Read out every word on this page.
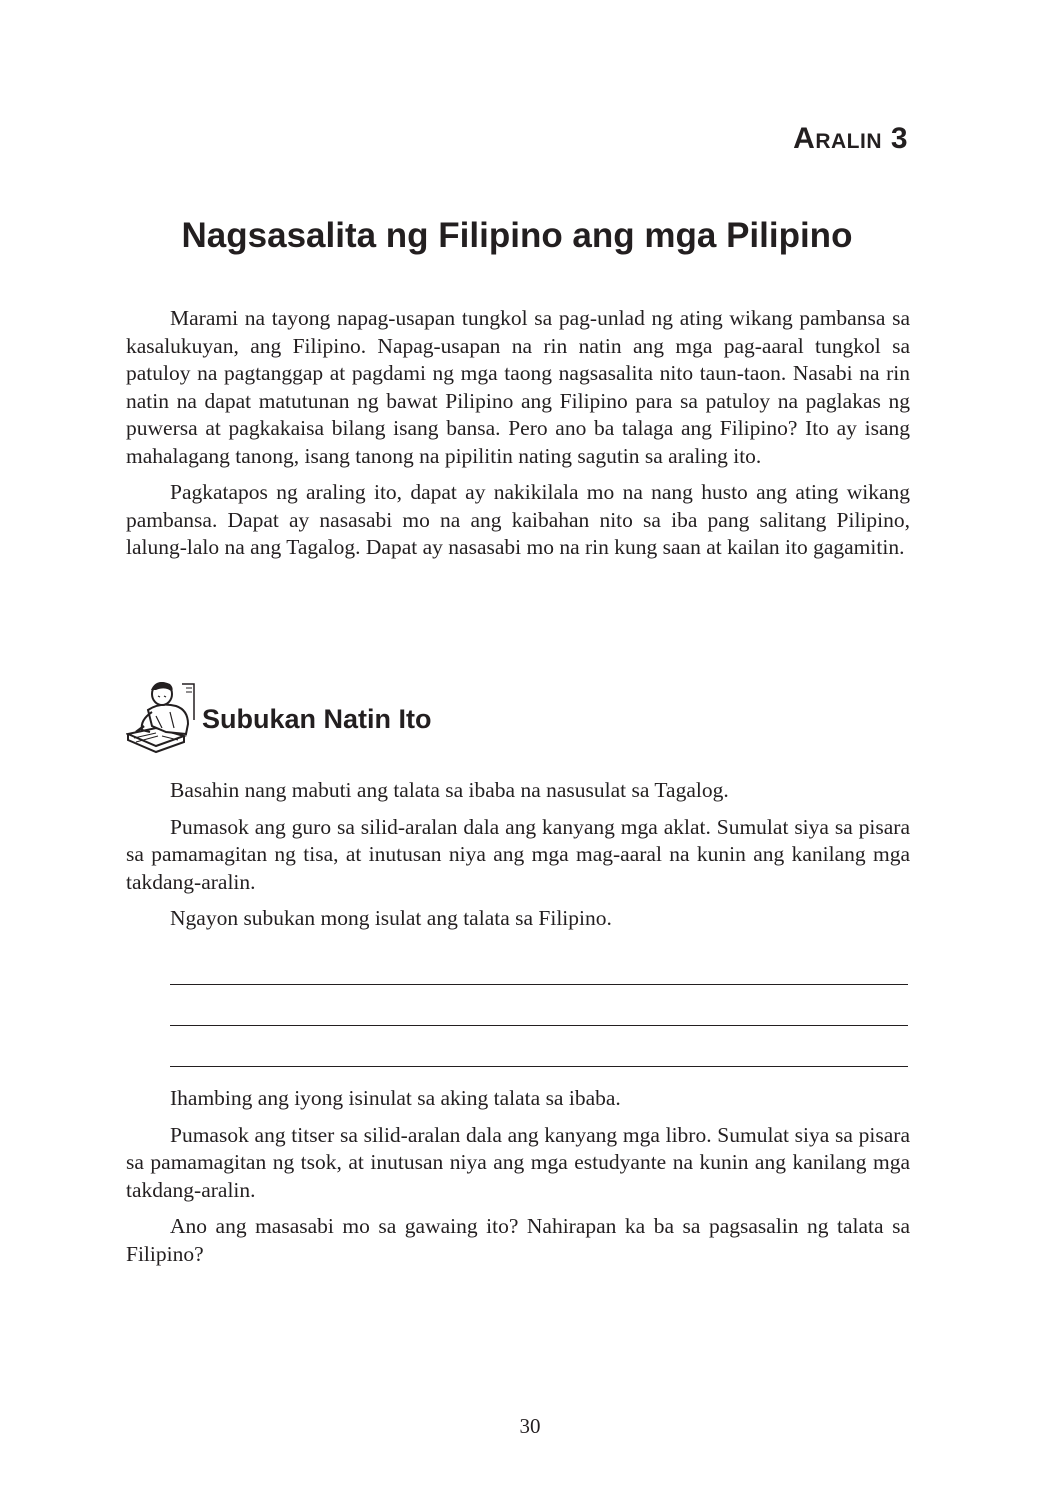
Aralin 3
Nagsasalita ng Filipino ang mga Pilipino

Marami na tayong napag-usapan tungkol sa pag-unlad ng ating wikang pambansa sa kasalukuyan, ang Filipino. Napag-usapan na rin natin ang mga pag-aaral tungkol sa patuloy na pagtanggap at pagdami ng mga taong nagsasalita nito taun-taon. Nasabi na rin natin na dapat matutunan ng bawat Pilipino ang Filipino para sa patuloy na paglakas ng puwersa at pagkakaisa bilang isang bansa. Pero ano ba talaga ang Filipino? Ito ay isang mahalagang tanong, isang tanong na pipilitin nating sagutin sa araling ito.

Pagkatapos ng araling ito, dapat ay nakikilala mo na nang husto ang ating wikang pambansa. Dapat ay nasasabi mo na ang kaibahan nito sa iba pang salitang Pilipino, lalung-lalo na ang Tagalog. Dapat ay nasasabi mo na rin kung saan at kailan ito gagamitin.

Subukan Natin Ito

Basahin nang mabuti ang talata sa ibaba na nasusulat sa Tagalog.

Pumasok ang guro sa silid-aralan dala ang kanyang mga aklat. Sumulat siya sa pisara sa pamamagitan ng tisa, at inutusan niya ang mga mag-aaral na kunin ang kanilang mga takdang-aralin.

Ngayon subukan mong isulat ang talata sa Filipino.

Ihambing ang iyong isinulat sa aking talata sa ibaba.

Pumasok ang titser sa silid-aralan dala ang kanyang mga libro. Sumulat siya sa pisara sa pamamagitan ng tsok, at inutusan niya ang mga estudyante na kunin ang kanilang mga takdang-aralin.

Ano ang masasabi mo sa gawaing ito? Nahirapan ka ba sa pagsasalin ng talata sa Filipino?

30
